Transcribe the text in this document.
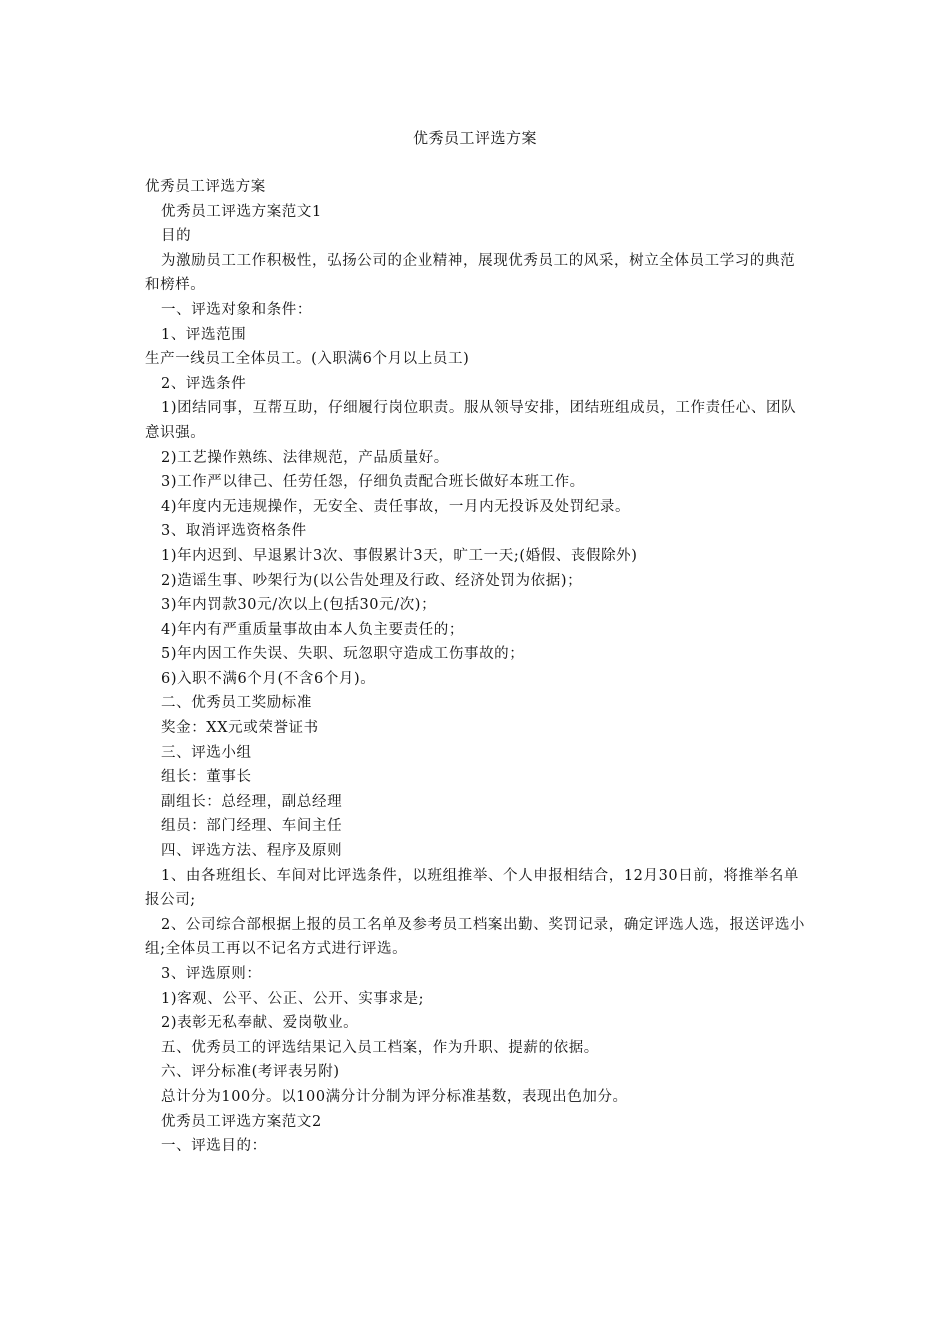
优秀员工评选方案

优秀员工评选方案

优秀员工评选方案范文1

目的

为激励员工工作积极性，弘扬公司的企业精神，展现优秀员工的风采，树立全体员工学习的典范和榜样。

一、评选对象和条件：

1、评选范围

生产一线员工全体员工。(入职满6个月以上员工)

2、评选条件

1)团结同事，互帮互助，仔细履行岗位职责。服从领导安排，团结班组成员，工作责任心、团队意识强。

2)工艺操作熟练、法律规范，产品质量好。

3)工作严以律己、任劳任怨，仔细负责配合班长做好本班工作。

4)年度内无违规操作，无安全、责任事故，一月内无投诉及处罚纪录。

3、取消评选资格条件

1)年内迟到、早退累计3次、事假累计3天，旷工一天;(婚假、丧假除外)

2)造谣生事、吵架行为(以公告处理及行政、经济处罚为依据)；

3)年内罚款30元/次以上(包括30元/次)；

4)年内有严重质量事故由本人负主要责任的；

5)年内因工作失误、失职、玩忽职守造成工伤事故的；

6)入职不满6个月(不含6个月)。

二、优秀员工奖励标准

奖金：XX元或荣誉证书

三、评选小组

组长：董事长

副组长：总经理，副总经理

组员：部门经理、车间主任

四、评选方法、程序及原则

1、由各班组长、车间对比评选条件，以班组推举、个人申报相结合，12月30日前，将推举名单报公司;

2、公司综合部根据上报的员工名单及参考员工档案出勤、奖罚记录，确定评选人选，报送评选小组;全体员工再以不记名方式进行评选。

3、评选原则：

1)客观、公平、公正、公开、实事求是;

2)表彰无私奉献、爱岗敬业。

五、优秀员工的评选结果记入员工档案，作为升职、提薪的依据。

六、评分标准(考评表另附)

总计分为100分。以100满分计分制为评分标准基数，表现出色加分。

优秀员工评选方案范文2

一、评选目的：
